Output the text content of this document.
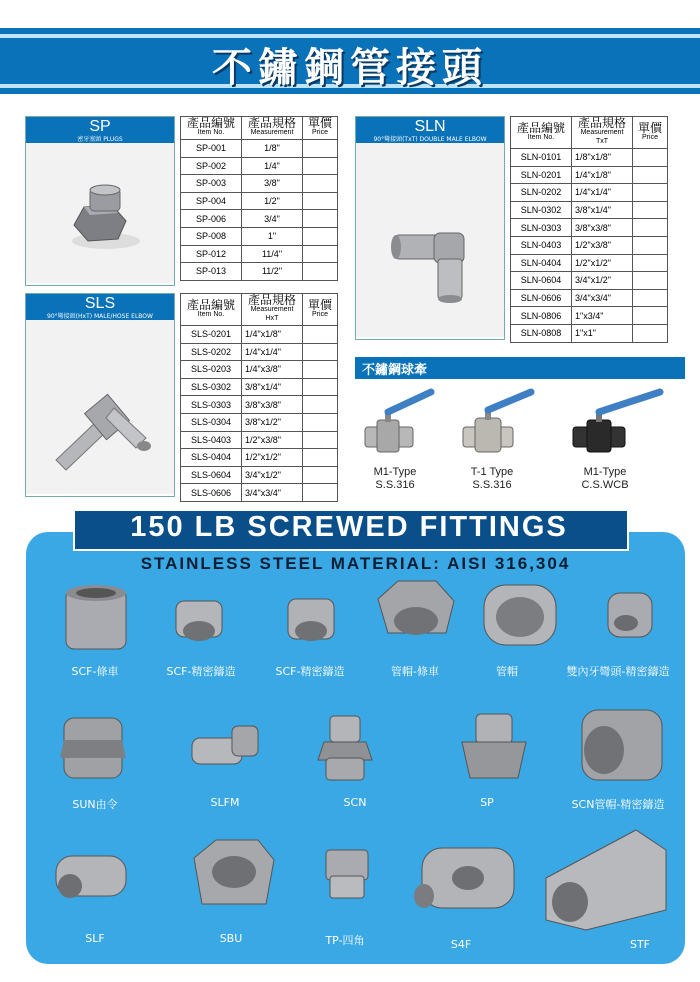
不鏽鋼管接頭
SP
密牙塞頭 PLUGS
產品編號
Item No.	產品規格
Measurement	單價
Price

SP-001	1/8"	
SP-002	1/4"	
SP-003	3/8"	
SP-004	1/2"	
SP-006	3/4"	
SP-008	1"	
SP-012	11/4"	
SP-013	11/2"	
SLS
90°彎接頭(HxT) MALE/HOSE ELBOW
產品編號
Item No.	產品規格
Measurement
HxT	單價
Price

SLS-0201	1/4"x1/8"	
SLS-0202	1/4"x1/4"	
SLS-0203	1/4"x3/8"	
SLS-0302	3/8"x1/4"	
SLS-0303	3/8"x3/8"	
SLS-0304	3/8"x1/2"	
SLS-0403	1/2"x3/8"	
SLS-0404	1/2"x1/2"	
SLS-0604	3/4"x1/2"	
SLS-0606	3/4"x3/4"	
SLN
90°彎接頭(TxT) DOUBLE MALE ELBOW
產品編號
Item No.	產品規格
Measurement
TxT	單價
Price

SLN-0101	1/8"x1/8"	
SLN-0201	1/4"x1/8"	
SLN-0202	1/4"x1/4"	
SLN-0302	3/8"x1/4"	
SLN-0303	3/8"x3/8"	
SLN-0403	1/2"x3/8"	
SLN-0404	1/2"x1/2"	
SLN-0604	3/4"x1/2"	
SLN-0606	3/4"x3/4"	
SLN-0806	1"x3/4"	
SLN-0808	1"x1"	
不鏽鋼球牽
M1-Type
S.S.316
T-1 Type
S.S.316
M1-Type
C.S.WCB
150 LB SCREWED FITTINGS
STAINLESS STEEL MATERIAL: AISI 316,304
SCF-條車	SCF-精密鑄造	SCF-精密鑄造	管帽-條車	管帽	雙內牙彎頭-精密鑄造
SUN由令	SLFM	SCN	SP	SCN管帽-精密鑄造
SLF	SBU	TP-四角	S4F	STF
